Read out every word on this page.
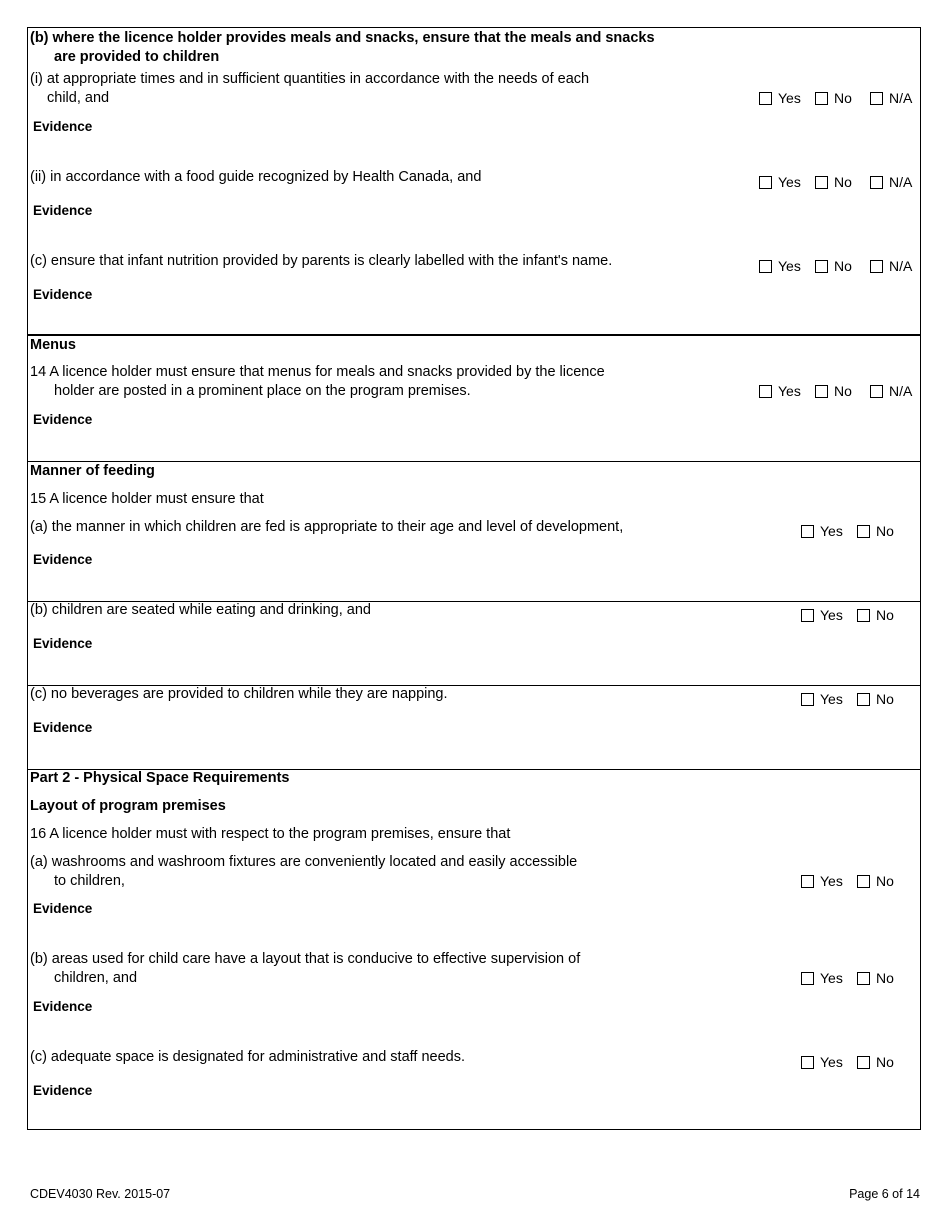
(b) where the licence holder provides meals and snacks, ensure that the meals and snacks
are provided to children
(i) at appropriate times and in sufficient quantities in accordance with the needs of each
child, and	Yes No	N/A
Evidence
(ii) in accordance with a food guide recognized by Health Canada, and	Yes No	N/A
Evidence
(c) ensure that infant nutrition provided by parents is clearly labelled with the infant's name.	Yes No	N/A
Evidence
Menus
14 A licence holder must ensure that menus for meals and snacks provided by the licence
holder are posted in a prominent place on the program premises.	Yes No	N/A
Evidence
Manner of feeding
15 A licence holder must ensure that
(a) the manner in which children are fed is appropriate to their age and level of development,	Yes No
Evidence
(b) children are seated while eating and drinking, and	Yes No
Evidence
(c) no beverages are provided to children while they are napping.	Yes No
Evidence
Part 2 - Physical Space Requirements
Layout of program premises
16 A licence holder must with respect to the program premises, ensure that
(a) washrooms and washroom fixtures are conveniently located and easily accessible
to children,	Yes No
Evidence
(b) areas used for child care have a layout that is conducive to effective supervision of
children, and	Yes No
Evidence
(c) adequate space is designated for administrative and staff needs.	Yes No
Evidence
CDEV4030 Rev. 2015-07	Page 6 of 14
